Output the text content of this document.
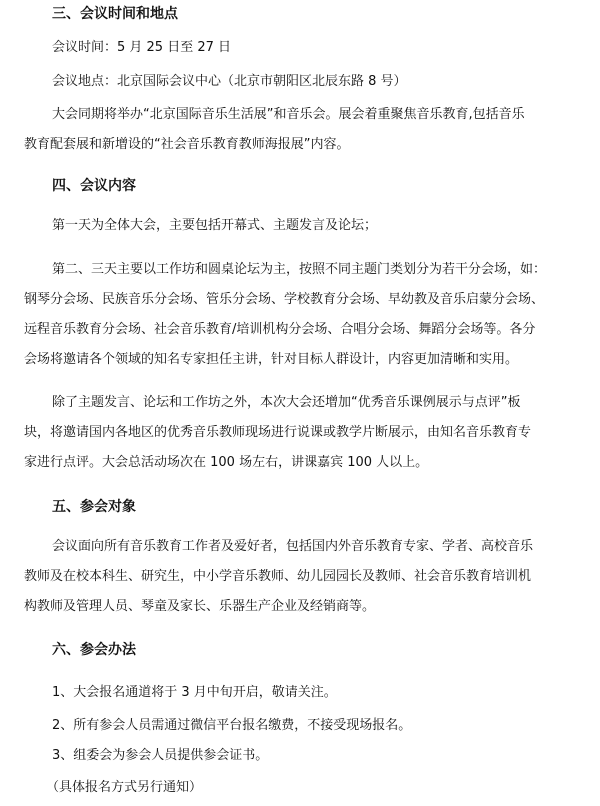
三、会议时间和地点
会议时间：5 月 25 日至 27 日
会议地点：北京国际会议中心（北京市朝阳区北辰东路 8 号）
大会同期将举办“北京国际音乐生活展”和音乐会。展会着重聚焦音乐教育,包括音乐
教育配套展和新增设的“社会音乐教育教师海报展”内容。
四、会议内容
第一天为全体大会，主要包括开幕式、主题发言及论坛；
第二、三天主要以工作坊和圆桌论坛为主，按照不同主题门类划分为若干分会场，如：
钢琴分会场、民族音乐分会场、管乐分会场、学校教育分会场、早幼教及音乐启蒙分会场、
远程音乐教育分会场、社会音乐教育/培训机构分会场、合唱分会场、舞蹈分会场等。各分
会场将邀请各个领域的知名专家担任主讲，针对目标人群设计，内容更加清晰和实用。
除了主题发言、论坛和工作坊之外，本次大会还增加“优秀音乐课例展示与点评”板
块，将邀请国内各地区的优秀音乐教师现场进行说课或教学片断展示，由知名音乐教育专
家进行点评。大会总活动场次在 100 场左右，讲课嘉宾 100 人以上。
五、参会对象
会议面向所有音乐教育工作者及爱好者，包括国内外音乐教育专家、学者、高校音乐
教师及在校本科生、研究生，中小学音乐教师、幼儿园园长及教师、社会音乐教育培训机
构教师及管理人员、琴童及家长、乐器生产企业及经销商等。
六、参会办法
1、大会报名通道将于 3 月中旬开启，敬请关注。
2、所有参会人员需通过微信平台报名缴费，不接受现场报名。
3、组委会为参会人员提供参会证书。
（具体报名方式另行通知）
